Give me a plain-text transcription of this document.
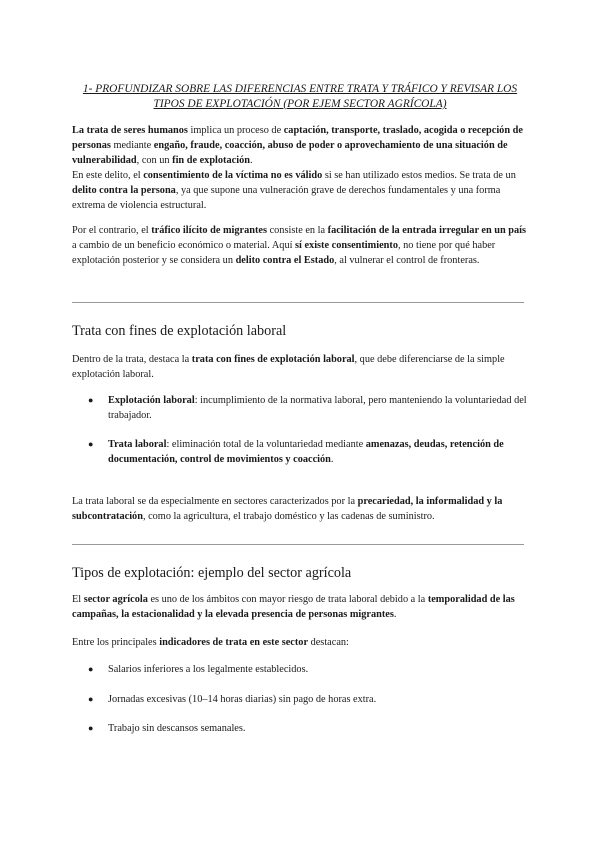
1- PROFUNDIZAR SOBRE LAS DIFERENCIAS ENTRE TRATA Y TRÁFICO Y REVISAR LOS
TIPOS DE EXPLOTACIÓN (POR EJEM SECTOR AGRÍCOLA)
La trata de seres humanos implica un proceso de captación, transporte, traslado, acogida o recepción de personas mediante engaño, fraude, coacción, abuso de poder o aprovechamiento de una situación de vulnerabilidad, con un fin de explotación.
En este delito, el consentimiento de la víctima no es válido si se han utilizado estos medios. Se trata de un delito contra la persona, ya que supone una vulneración grave de derechos fundamentales y una forma extrema de violencia estructural.
Por el contrario, el tráfico ilícito de migrantes consiste en la facilitación de la entrada irregular en un país a cambio de un beneficio económico o material. Aquí sí existe consentimiento, no tiene por qué haber explotación posterior y se considera un delito contra el Estado, al vulnerar el control de fronteras.
Trata con fines de explotación laboral
Dentro de la trata, destaca la trata con fines de explotación laboral, que debe diferenciarse de la simple explotación laboral.
●	Explotación laboral: incumplimiento de la normativa laboral, pero manteniendo la voluntariedad del trabajador.
●	Trata laboral: eliminación total de la voluntariedad mediante amenazas, deudas, retención de documentación, control de movimientos y coacción.
La trata laboral se da especialmente en sectores caracterizados por la precariedad, la informalidad y la subcontratación, como la agricultura, el trabajo doméstico y las cadenas de suministro.
Tipos de explotación: ejemplo del sector agrícola
El sector agrícola es uno de los ámbitos con mayor riesgo de trata laboral debido a la temporalidad de las campañas, la estacionalidad y la elevada presencia de personas migrantes.
Entre los principales indicadores de trata en este sector destacan:
●	Salarios inferiores a los legalmente establecidos.
●	Jornadas excesivas (10–14 horas diarias) sin pago de horas extra.
●	Trabajo sin descansos semanales.
